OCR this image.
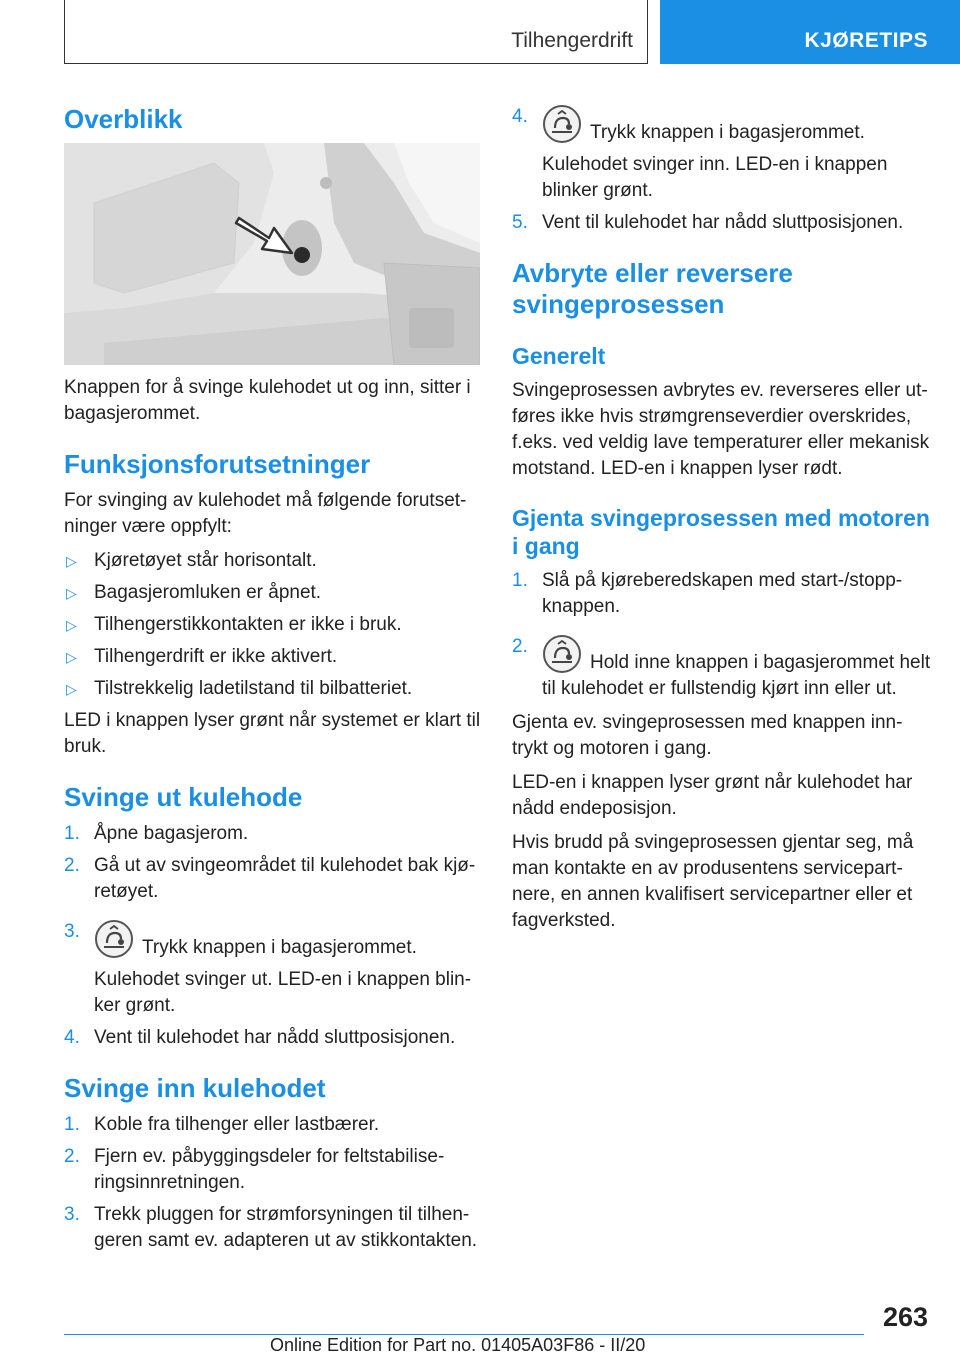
Tilhengerdrift	KJØRETIPS
Overblikk

Knappen for å svinge kulehodet ut og inn, sitter i bagasjerommet.

Funksjonsforutsetninger

For svinging av kulehodet må følgende forutset-ninger være oppfylt:

▷ Kjøretøyet står horisontalt.
▷ Bagasjeromluken er åpnet.
▷ Tilhengerstikkontakten er ikke i bruk.
▷ Tilhengerdrift er ikke aktivert.
▷ Tilstrekkelig ladetilstand til bilbatteriet.

LED i knappen lyser grønt når systemet er klart til bruk.

Svinge ut kulehode
1. Åpne bagasjerom.
2. Gå ut av svingeområdet til kulehodet bak kjø-retøyet.
3.
Trykk knappen i bagasjerommet.
Kulehodet svinger ut. LED-en i knappen blin-ker grønt.
4. Vent til kulehodet har nådd sluttposisjonen.
Svinge inn kulehodet
1. Koble fra tilhenger eller lastbærer.
2. Fjern ev. påbyggingsdeler for feltstabilise-ringsinnretningen.
3. Trekk pluggen for strømforsyningen til tilhen-geren samt ev. adapteren ut av stikkontakten.
4.
Trykk knappen i bagasjerommet.
Kulehodet svinger inn. LED-en i knappen blinker grønt.
5. Vent til kulehodet har nådd sluttposisjonen.
Avbryte eller reversere svingeprosessen
Generelt

Svingeprosessen avbrytes ev. reverseres eller ut-føres ikke hvis strømgrenseverdier overskrides, f.eks. ved veldig lave temperaturer eller mekanisk motstand. LED-en i knappen lyser rødt.

Gjenta svingeprosessen med motoren i gang
1. Slå på kjøreberedskapen med start-/stopp-knappen.
2.
Hold inne knappen i bagasjerommet helt til kulehodet er fullstendig kjørt inn eller ut.

Gjenta ev. svingeprosessen med knappen inn-trykt og motoren i gang.

LED-en i knappen lyser grønt når kulehodet har nådd endeposisjon.

Hvis brudd på svingeprosessen gjentar seg, må man kontakte en av produsentens servicepart-nere, en annen kvalifisert servicepartner eller et fagverksted.

263
Online Edition for Part no. 01405A03F86 - II/20
